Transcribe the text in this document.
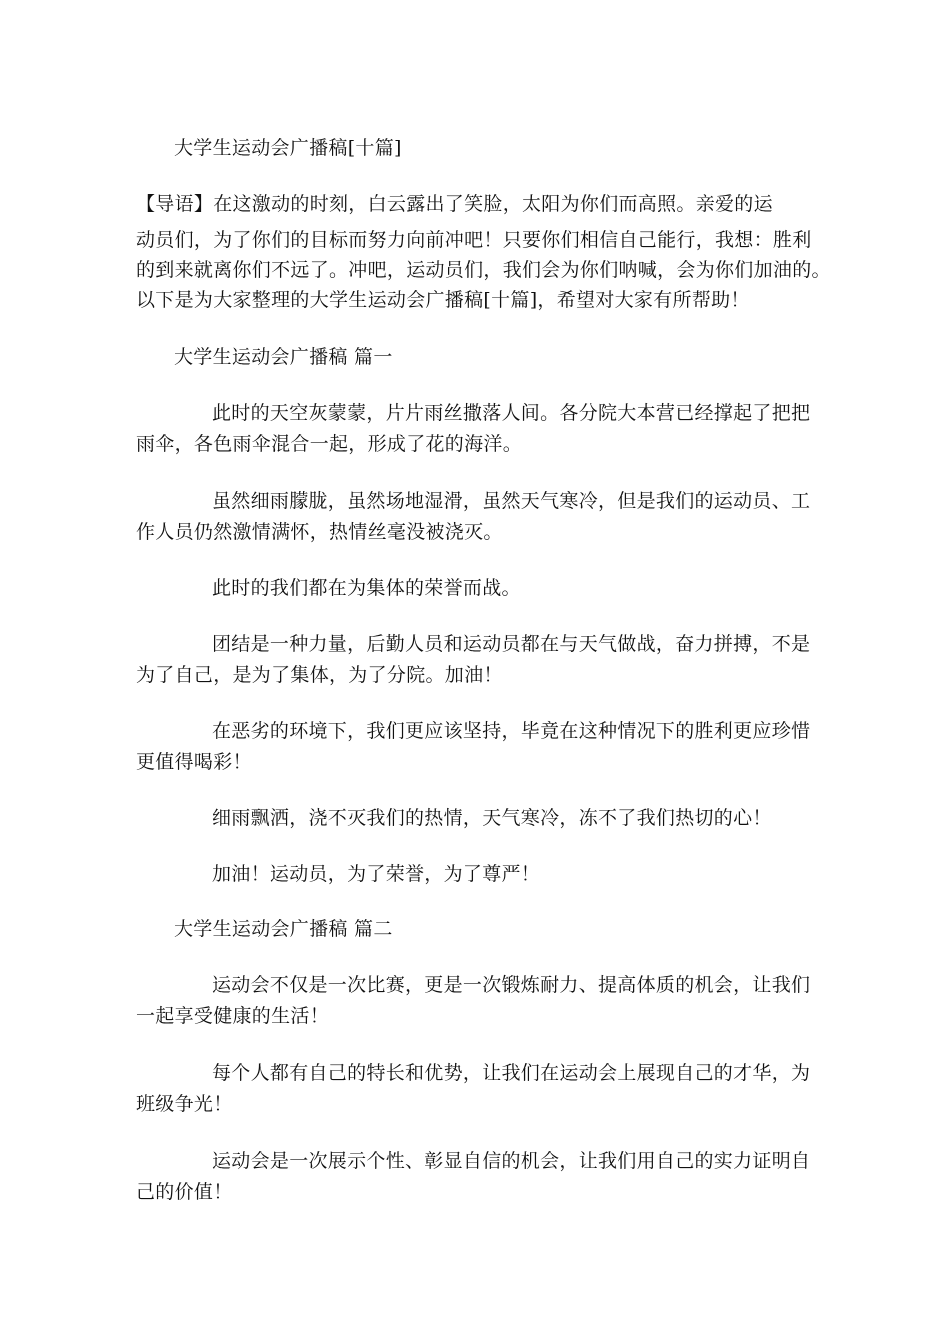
大学生运动会广播稿[十篇]
【导语】在这激动的时刻，白云露出了笑脸，太阳为你们而高照。亲爱的运
动员们，为了你们的目标而努力向前冲吧！只要你们相信自己能行，我想：胜利
的到来就离你们不远了。冲吧，运动员们，我们会为你们呐喊，会为你们加油的。
以下是为大家整理的大学生运动会广播稿[十篇]，希望对大家有所帮助！
大学生运动会广播稿 篇一
此时的天空灰蒙蒙，片片雨丝撒落人间。各分院大本营已经撑起了把把
雨伞，各色雨伞混合一起，形成了花的海洋。
虽然细雨朦胧，虽然场地湿滑，虽然天气寒冷，但是我们的运动员、工
作人员仍然激情满怀，热情丝毫没被浇灭。
此时的我们都在为集体的荣誉而战。
团结是一种力量，后勤人员和运动员都在与天气做战，奋力拼搏，不是
为了自己，是为了集体，为了分院。加油！
在恶劣的环境下，我们更应该坚持，毕竟在这种情况下的胜利更应珍惜
更值得喝彩！
细雨飘洒，浇不灭我们的热情，天气寒冷，冻不了我们热切的心！
加油！运动员，为了荣誉，为了尊严！
大学生运动会广播稿 篇二
运动会不仅是一次比赛，更是一次锻炼耐力、提高体质的机会，让我们
一起享受健康的生活！
每个人都有自己的特长和优势，让我们在运动会上展现自己的才华，为
班级争光！
运动会是一次展示个性、彰显自信的机会，让我们用自己的实力证明自
己的价值！
